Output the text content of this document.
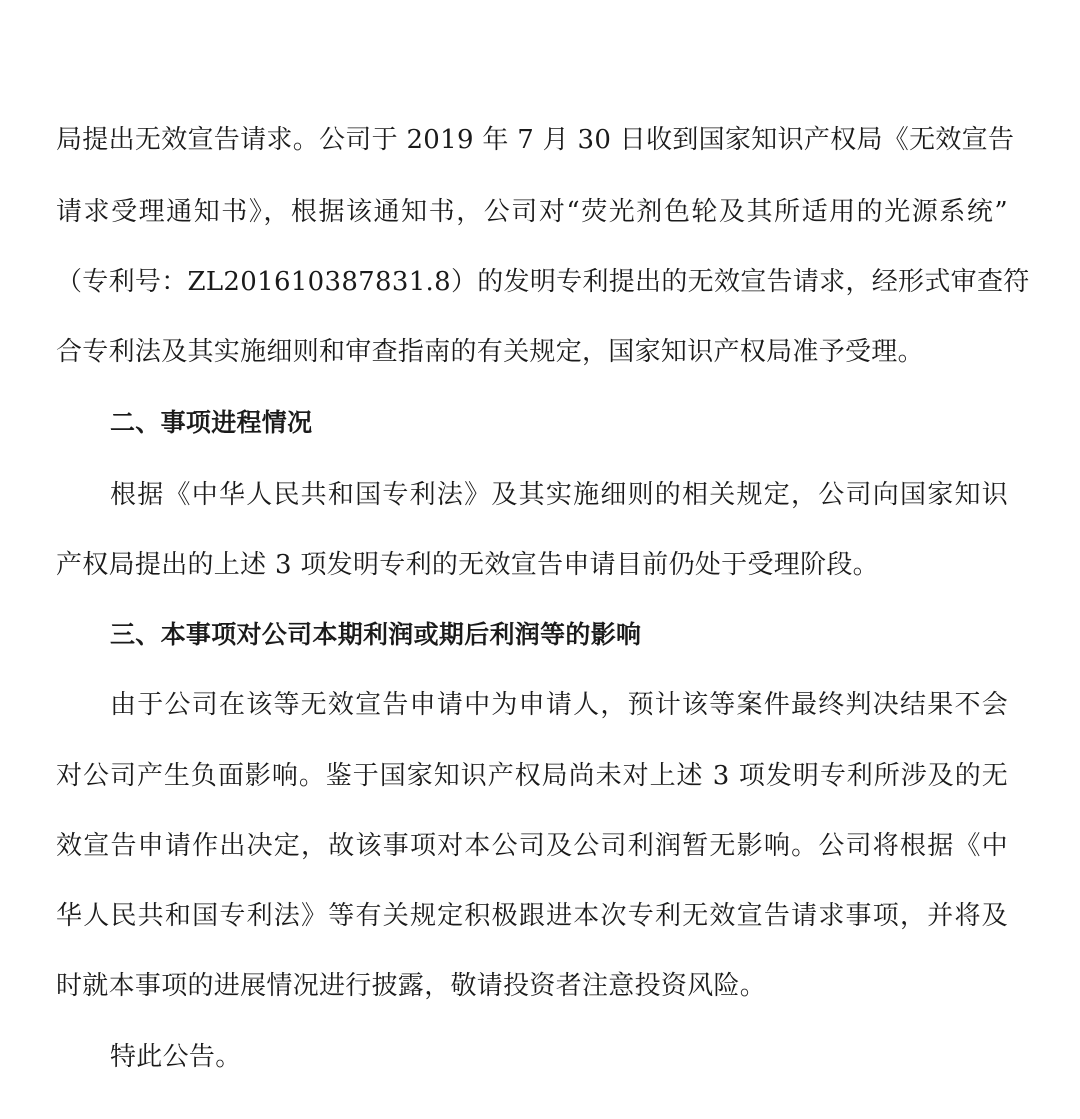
局提出无效宣告请求。公司于 2019 年 7 月 30 日收到国家知识产权局《无效宣告
请求受理通知书》，根据该通知书，公司对“荧光剂色轮及其所适用的光源系统”
（专利号：ZL201610387831.8）的发明专利提出的无效宣告请求，经形式审查符
合专利法及其实施细则和审查指南的有关规定，国家知识产权局准予受理。
二、事项进程情况
根据《中华人民共和国专利法》及其实施细则的相关规定，公司向国家知识
产权局提出的上述 3 项发明专利的无效宣告申请目前仍处于受理阶段。
三、本事项对公司本期利润或期后利润等的影响
由于公司在该等无效宣告申请中为申请人，预计该等案件最终判决结果不会
对公司产生负面影响。鉴于国家知识产权局尚未对上述 3 项发明专利所涉及的无
效宣告申请作出决定，故该事项对本公司及公司利润暂无影响。公司将根据《中
华人民共和国专利法》等有关规定积极跟进本次专利无效宣告请求事项，并将及
时就本事项的进展情况进行披露，敬请投资者注意投资风险。
特此公告。
